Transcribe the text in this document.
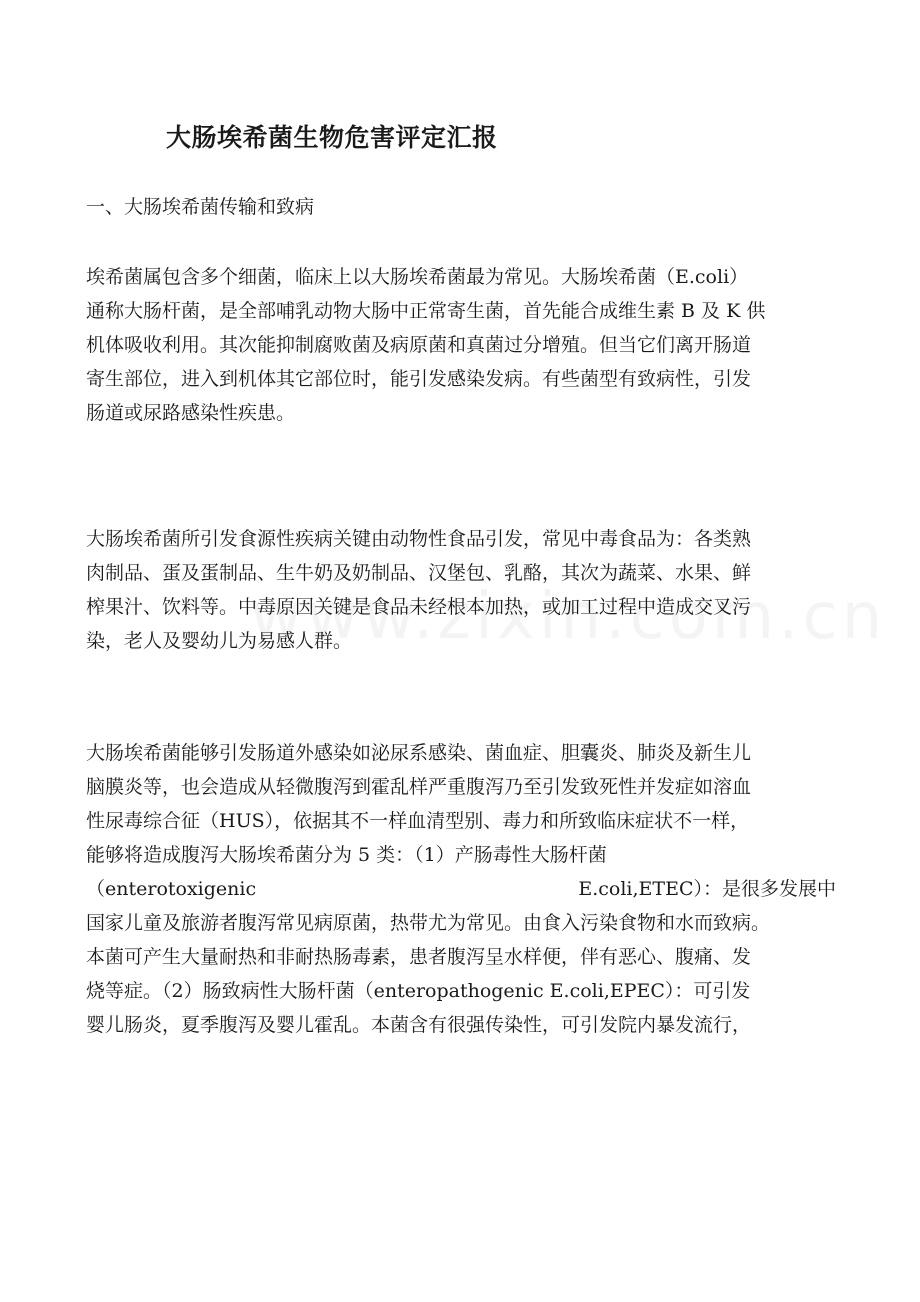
大肠埃希菌生物危害评定汇报
一、大肠埃希菌传输和致病
埃希菌属包含多个细菌，临床上以大肠埃希菌最为常见。大肠埃希菌（E.coli）
通称大肠杆菌，是全部哺乳动物大肠中正常寄生菌，首先能合成维生素 B 及 K 供
机体吸收利用。其次能抑制腐败菌及病原菌和真菌过分增殖。但当它们离开肠道
寄生部位，进入到机体其它部位时，能引发感染发病。有些菌型有致病性，引发
肠道或尿路感染性疾患。
大肠埃希菌所引发食源性疾病关键由动物性食品引发，常见中毒食品为：各类熟
肉制品、蛋及蛋制品、生牛奶及奶制品、汉堡包、乳酪，其次为蔬菜、水果、鲜
榨果汁、饮料等。中毒原因关键是食品未经根本加热，或加工过程中造成交叉污
染，老人及婴幼儿为易感人群。
大肠埃希菌能够引发肠道外感染如泌尿系感染、菌血症、胆囊炎、肺炎及新生儿
脑膜炎等，也会造成从轻微腹泻到霍乱样严重腹泻乃至引发致死性并发症如溶血
性尿毒综合征（HUS），依据其不一样血清型别、毒力和所致临床症状不一样，
能够将造成腹泻大肠埃希菌分为 5 类：（1）产肠毒性大肠杆菌
（enterotoxigenic	E.coli,ETEC）：是很多发展中
国家儿童及旅游者腹泻常见病原菌，热带尤为常见。由食入污染食物和水而致病。
本菌可产生大量耐热和非耐热肠毒素，患者腹泻呈水样便，伴有恶心、腹痛、发
烧等症。（2）肠致病性大肠杆菌（enteropathogenic E.coli,EPEC）：可引发
婴儿肠炎，夏季腹泻及婴儿霍乱。本菌含有很强传染性，可引发院内暴发流行，
